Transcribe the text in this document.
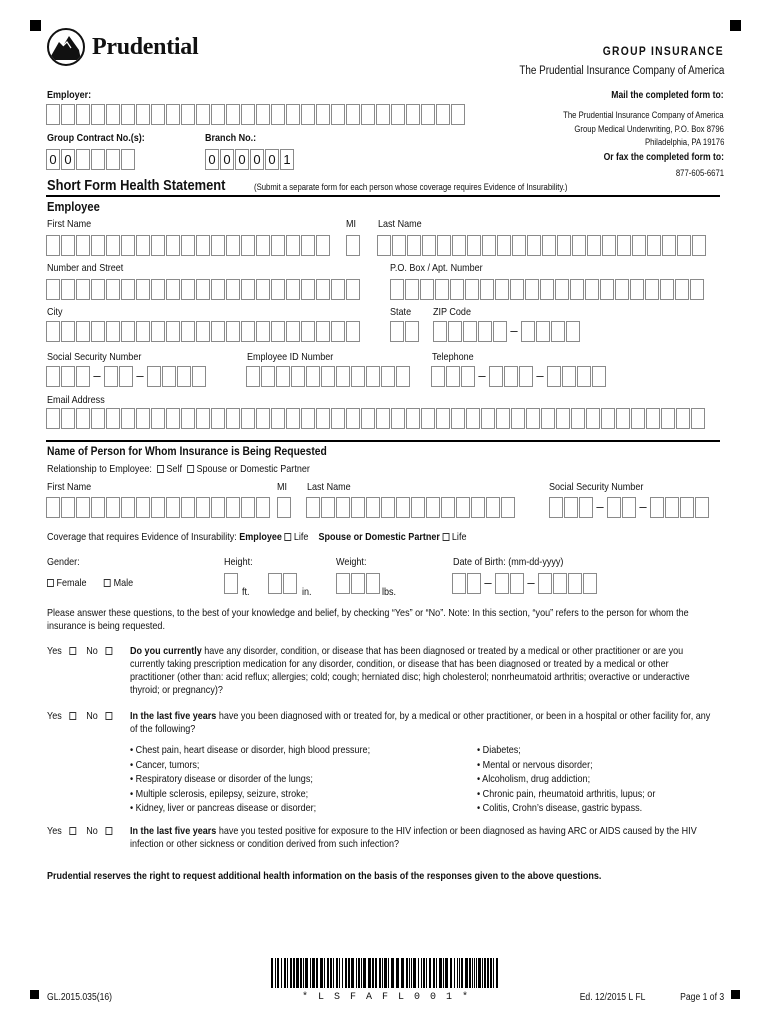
Prudential	GROUP INSURANCE
The Prudential Insurance Company of America
Employer:	Mail the completed form to:
The Prudential Insurance Company of America
Group Medical Underwriting, P.O. Box 8796
Philadelphia, PA 19176
Or fax the completed form to:
877-605-6671
Group Contract No.(s):	Branch No.:
0 0	0 0 0 0 0 1
Short Form Health Statement	(Submit a separate form for each person whose coverage requires Evidence of Insurability.)
Employee
First Name	MI Last Name
Number and Street	P.O. Box / Apt. Number
City	State ZIP Code
–
Social Security Number	Employee ID Number	Telephone
–	–	–	–
Email Address
Name of Person for Whom Insurance is Being Requested
Relationship to Employee: Self Spouse or Domestic Partner
First Name	MI Last Name	Social Security Number
–	–
Coverage that requires Evidence of Insurability: Employee Life Spouse or Domestic Partner Life
Gender:	Height:	Weight:	Date of Birth: (mm-dd-yyyy)
Female	Male
ft.	in.	lbs.
–	–
Please answer these questions, to the best of your knowledge and belief, by checking “Yes” or “No”. Note: In this section, “you” refers to the person for whom the insurance is being requested.
Yes No	Do you currently have any disorder, condition, or disease that has been diagnosed or treated by a medical or other practitioner or are you currently taking prescription medication for any disorder, condition, or disease that has been diagnosed or treated by a medical or other practitioner (other than: acid reflux; allergies; cold; cough; herniated disc; high cholesterol; nonrheumatoid arthritis; overactive or underactive thyroid; or pregnancy)?
Yes No	In the last five years have you been diagnosed with or treated for, by a medical or other practitioner, or been in a hospital or other facility for, any of the following?
• Chest pain, heart disease or disorder, high blood pressure;
• Cancer, tumors;
• Respiratory disease or disorder of the lungs;
• Multiple sclerosis, epilepsy, seizure, stroke;
• Kidney, liver or pancreas disease or disorder;
• Diabetes;
• Mental or nervous disorder;
• Alcoholism, drug addiction;
• Chronic pain, rheumatoid arthritis, lupus; or
• Colitis, Crohn’s disease, gastric bypass.
Yes No	In the last five years have you tested positive for exposure to the HIV infection or been diagnosed as having ARC or AIDS caused by the HIV infection or other sickness or condition derived from such infection?
Prudential reserves the right to request additional health information on the basis of the responses given to the above questions.
* L S F A F L 0 0 1 *
GL.2015.035(16)	Ed. 12/2015 L FL	Page 1 of 3
